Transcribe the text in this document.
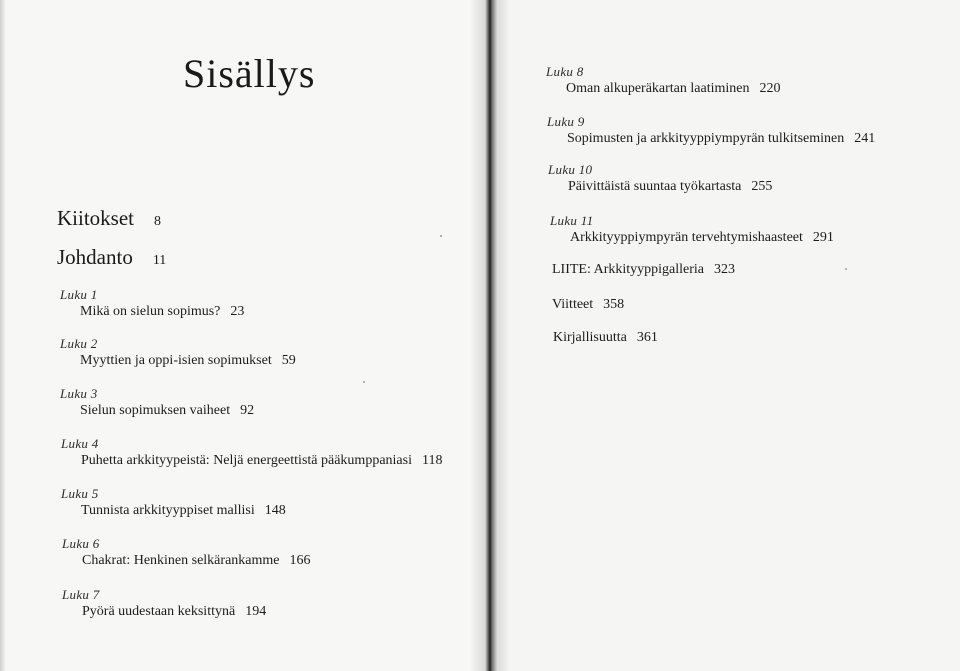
Sisällys
Kiitokset 8
Johdanto 11
Luku 1
Mikä on sielun sopimus? 23
Luku 2
Myyttien ja oppi-isien sopimukset 59
Luku 3
Sielun sopimuksen vaiheet 92
Luku 4
Puhetta arkkityypeistä: Neljä energeettistä pääkumppaniasi 118
Luku 5
Tunnista arkkityyppiset mallisi 148
Luku 6
Chakrat: Henkinen selkärankamme 166
Luku 7
Pyörä uudestaan keksittynä 194
Luku 8
Oman alkuperäkartan laatiminen 220
Luku 9
Sopimusten ja arkkityyppiympyrän tulkitseminen 241
Luku 10
Päivittäistä suuntaa työkartasta 255
Luku 11
Arkkityyppiympyrän tervehtymishaasteet 291
LIITE: Arkkityyppigalleria 323
Viitteet 358
Kirjallisuutta 361
